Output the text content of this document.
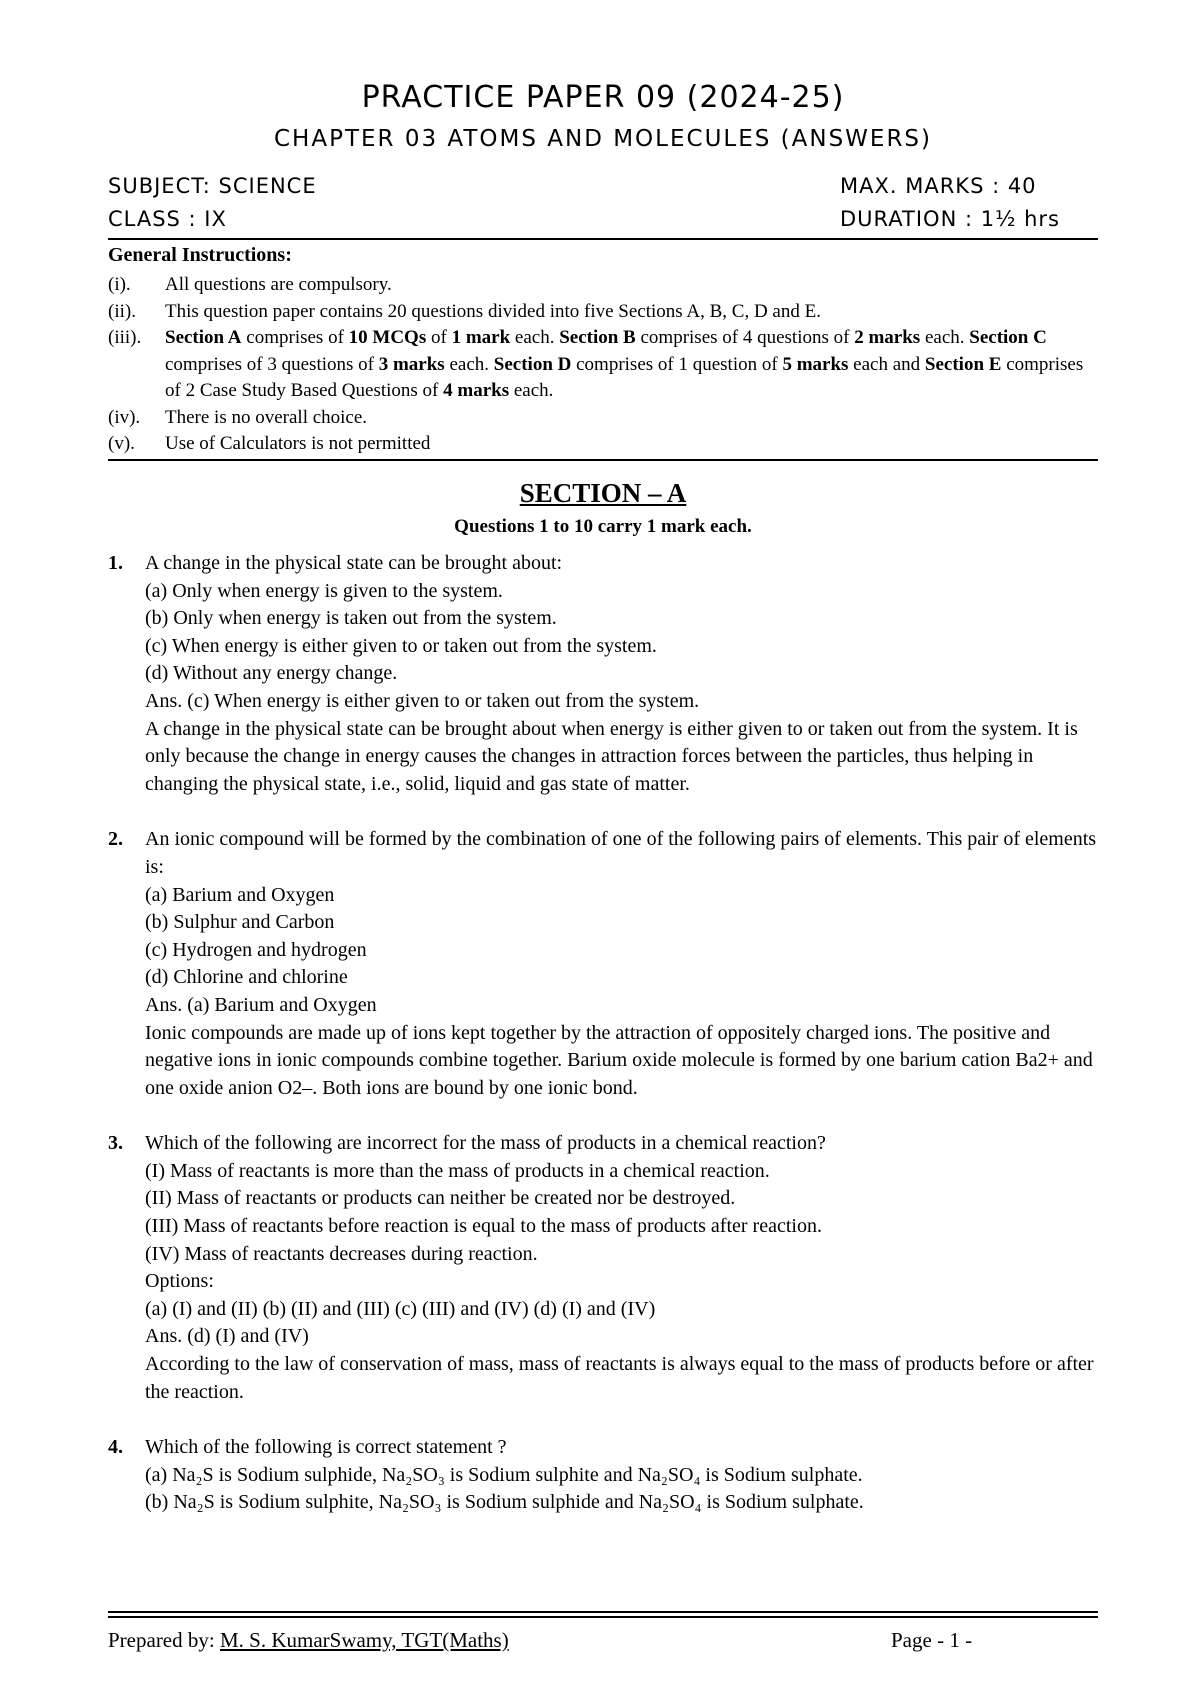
PRACTICE PAPER 09 (2024-25)
CHAPTER 03 ATOMS AND MOLECULES (ANSWERS)
SUBJECT: SCIENCE	MAX. MARKS : 40
CLASS : IX	DURATION : 1½ hrs
General Instructions:
(i). All questions are compulsory.
(ii). This question paper contains 20 questions divided into five Sections A, B, C, D and E.
(iii). Section A comprises of 10 MCQs of 1 mark each. Section B comprises of 4 questions of 2 marks each. Section C comprises of 3 questions of 3 marks each. Section D comprises of 1 question of 5 marks each and Section E comprises of 2 Case Study Based Questions of 4 marks each.
(iv). There is no overall choice.
(v). Use of Calculators is not permitted
SECTION – A
Questions 1 to 10 carry 1 mark each.
1. A change in the physical state can be brought about:

(a) Only when energy is given to the system.

(b) Only when energy is taken out from the system.

(c) When energy is either given to or taken out from the system.

(d) Without any energy change.

Ans. (c) When energy is either given to or taken out from the system.

A change in the physical state can be brought about when energy is either given to or taken out from the system. It is only because the change in energy causes the changes in attraction forces between the particles, thus helping in changing the physical state, i.e., solid, liquid and gas state of matter.

2. An ionic compound will be formed by the combination of one of the following pairs of elements. This pair of elements is:

(a) Barium and Oxygen

(b) Sulphur and Carbon

(c) Hydrogen and hydrogen

(d) Chlorine and chlorine

Ans. (a) Barium and Oxygen

Ionic compounds are made up of ions kept together by the attraction of oppositely charged ions. The positive and negative ions in ionic compounds combine together. Barium oxide molecule is formed by one barium cation Ba2+ and one oxide anion O2–. Both ions are bound by one ionic bond.

3. Which of the following are incorrect for the mass of products in a chemical reaction?

(I) Mass of reactants is more than the mass of products in a chemical reaction.

(II) Mass of reactants or products can neither be created nor be destroyed.

(III) Mass of reactants before reaction is equal to the mass of products after reaction.

(IV) Mass of reactants decreases during reaction.

Options:

(a) (I) and (II) (b) (II) and (III) (c) (III) and (IV) (d) (I) and (IV)

Ans. (d) (I) and (IV)

According to the law of conservation of mass, mass of reactants is always equal to the mass of products before or after the reaction.

4. Which of the following is correct statement ?

(a) Na₂S is Sodium sulphide, Na₂SO₃ is Sodium sulphite and Na₂SO₄ is Sodium sulphate.

(b) Na₂S is Sodium sulphite, Na₂SO₃ is Sodium sulphide and Na₂SO₄ is Sodium sulphate.

Prepared by: M. S. KumarSwamy, TGT(Maths)	Page - 1 -
